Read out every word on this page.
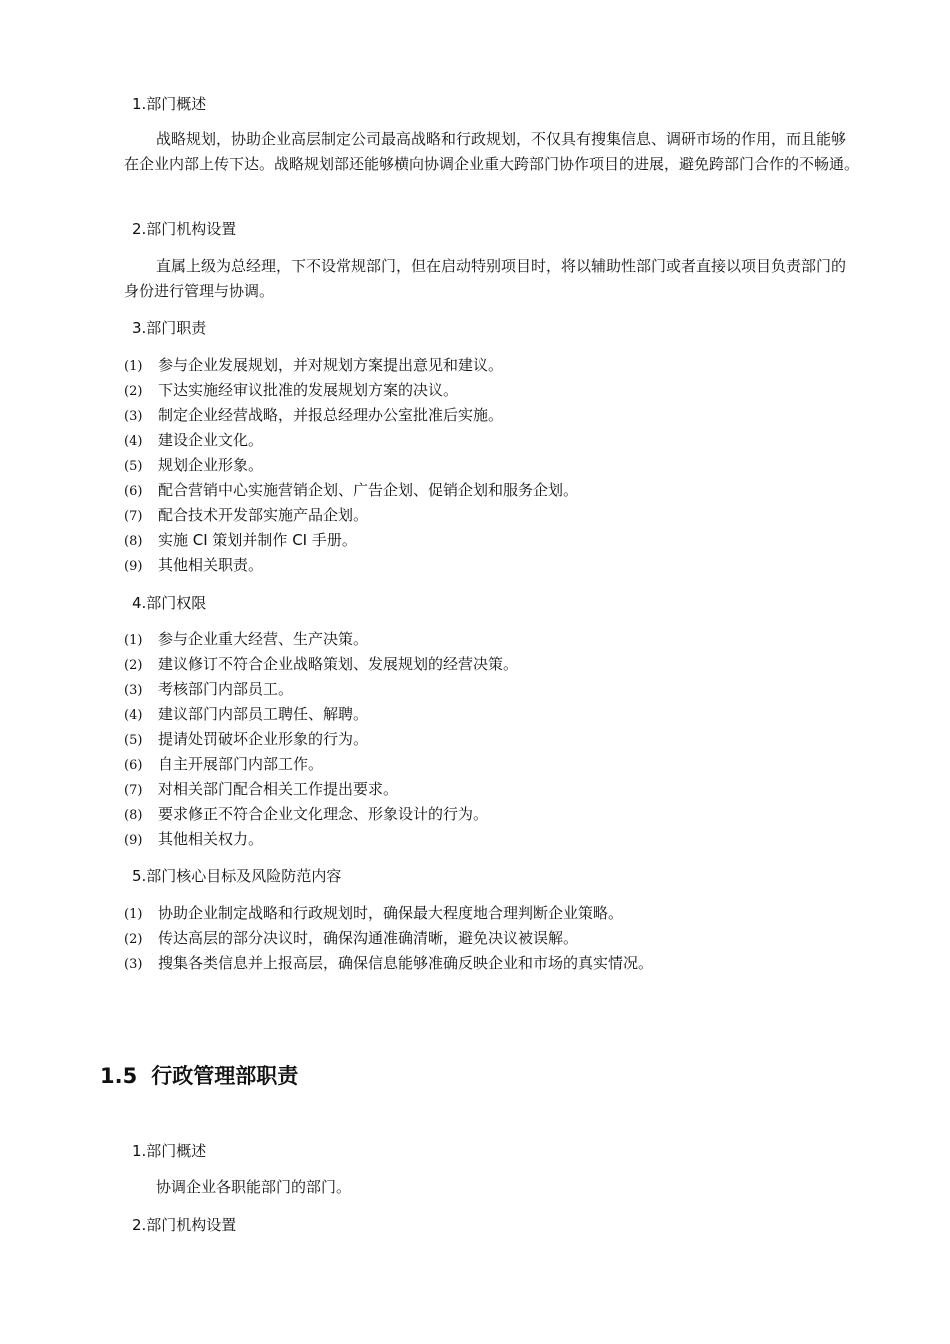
1.部门概述
战略规划，协助企业高层制定公司最高战略和行政规划，不仅具有搜集信息、调研市场的作用，而且能够在企业内部上传下达。战略规划部还能够横向协调企业重大跨部门协作项目的进展，避免跨部门合作的不畅通。
2.部门机构设置
直属上级为总经理，下不设常规部门，但在启动特别项目时，将以辅助性部门或者直接以项目负责部门的身份进行管理与协调。
3.部门职责
(1) 参与企业发展规划，并对规划方案提出意见和建议。
(2) 下达实施经审议批准的发展规划方案的决议。
(3) 制定企业经营战略，并报总经理办公室批准后实施。
(4) 建设企业文化。
(5) 规划企业形象。
(6) 配合营销中心实施营销企划、广告企划、促销企划和服务企划。
(7) 配合技术开发部实施产品企划。
(8) 实施 CI 策划并制作 CI 手册。
(9) 其他相关职责。
4.部门权限
(1) 参与企业重大经营、生产决策。
(2) 建议修订不符合企业战略策划、发展规划的经营决策。
(3) 考核部门内部员工。
(4) 建议部门内部员工聘任、解聘。
(5) 提请处罚破坏企业形象的行为。
(6) 自主开展部门内部工作。
(7) 对相关部门配合相关工作提出要求。
(8) 要求修正不符合企业文化理念、形象设计的行为。
(9) 其他相关权力。
5.部门核心目标及风险防范内容
(1) 协助企业制定战略和行政规划时，确保最大程度地合理判断企业策略。
(2) 传达高层的部分决议时，确保沟通准确清晰，避免决议被误解。
(3) 搜集各类信息并上报高层，确保信息能够准确反映企业和市场的真实情况。
1.5 行政管理部职责
1.部门概述
协调企业各职能部门的部门。
2.部门机构设置
